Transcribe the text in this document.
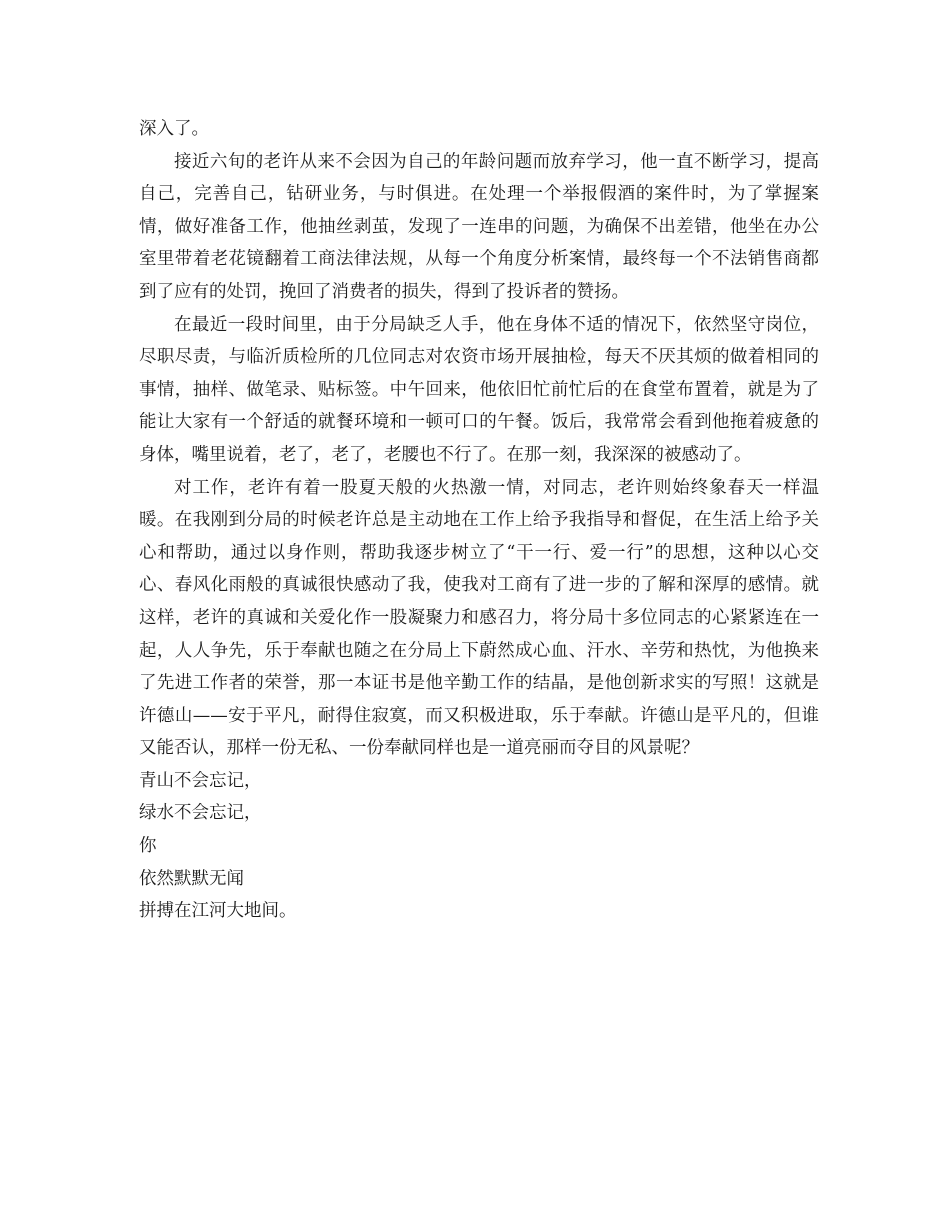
深入了。

接近六旬的老许从来不会因为自己的年龄问题而放弃学习，他一直不断学习，提高自己，完善自己，钻研业务，与时俱进。在处理一个举报假酒的案件时，为了掌握案情，做好准备工作，他抽丝剥茧，发现了一连串的问题，为确保不出差错，他坐在办公室里带着老花镜翻着工商法律法规，从每一个角度分析案情，最终每一个不法销售商都到了应有的处罚，挽回了消费者的损失，得到了投诉者的赞扬。

在最近一段时间里，由于分局缺乏人手，他在身体不适的情况下，依然坚守岗位，尽职尽责，与临沂质检所的几位同志对农资市场开展抽检，每天不厌其烦的做着相同的事情，抽样、做笔录、贴标签。中午回来，他依旧忙前忙后的在食堂布置着，就是为了能让大家有一个舒适的就餐环境和一顿可口的午餐。饭后，我常常会看到他拖着疲惫的身体，嘴里说着，老了，老了，老腰也不行了。在那一刻，我深深的被感动了。

对工作，老许有着一股夏天般的火热激一情，对同志，老许则始终象春天一样温暖。在我刚到分局的时候老许总是主动地在工作上给予我指导和督促，在生活上给予关心和帮助，通过以身作则，帮助我逐步树立了“干一行、爱一行”的思想，这种以心交心、春风化雨般的真诚很快感动了我，使我对工商有了进一步的了解和深厚的感情。就这样，老许的真诚和关爱化作一股凝聚力和感召力，将分局十多位同志的心紧紧连在一起，人人争先，乐于奉献也随之在分局上下蔚然成心血、汗水、辛劳和热忱，为他换来了先进工作者的荣誉，那一本证书是他辛勤工作的结晶，是他创新求实的写照！这就是许德山——安于平凡，耐得住寂寞，而又积极进取，乐于奉献。许德山是平凡的，但谁又能否认，那样一份无私、一份奉献同样也是一道亮丽而夺目的风景呢？

青山不会忘记，

绿水不会忘记，

你

依然默默无闻

拼搏在江河大地间。
